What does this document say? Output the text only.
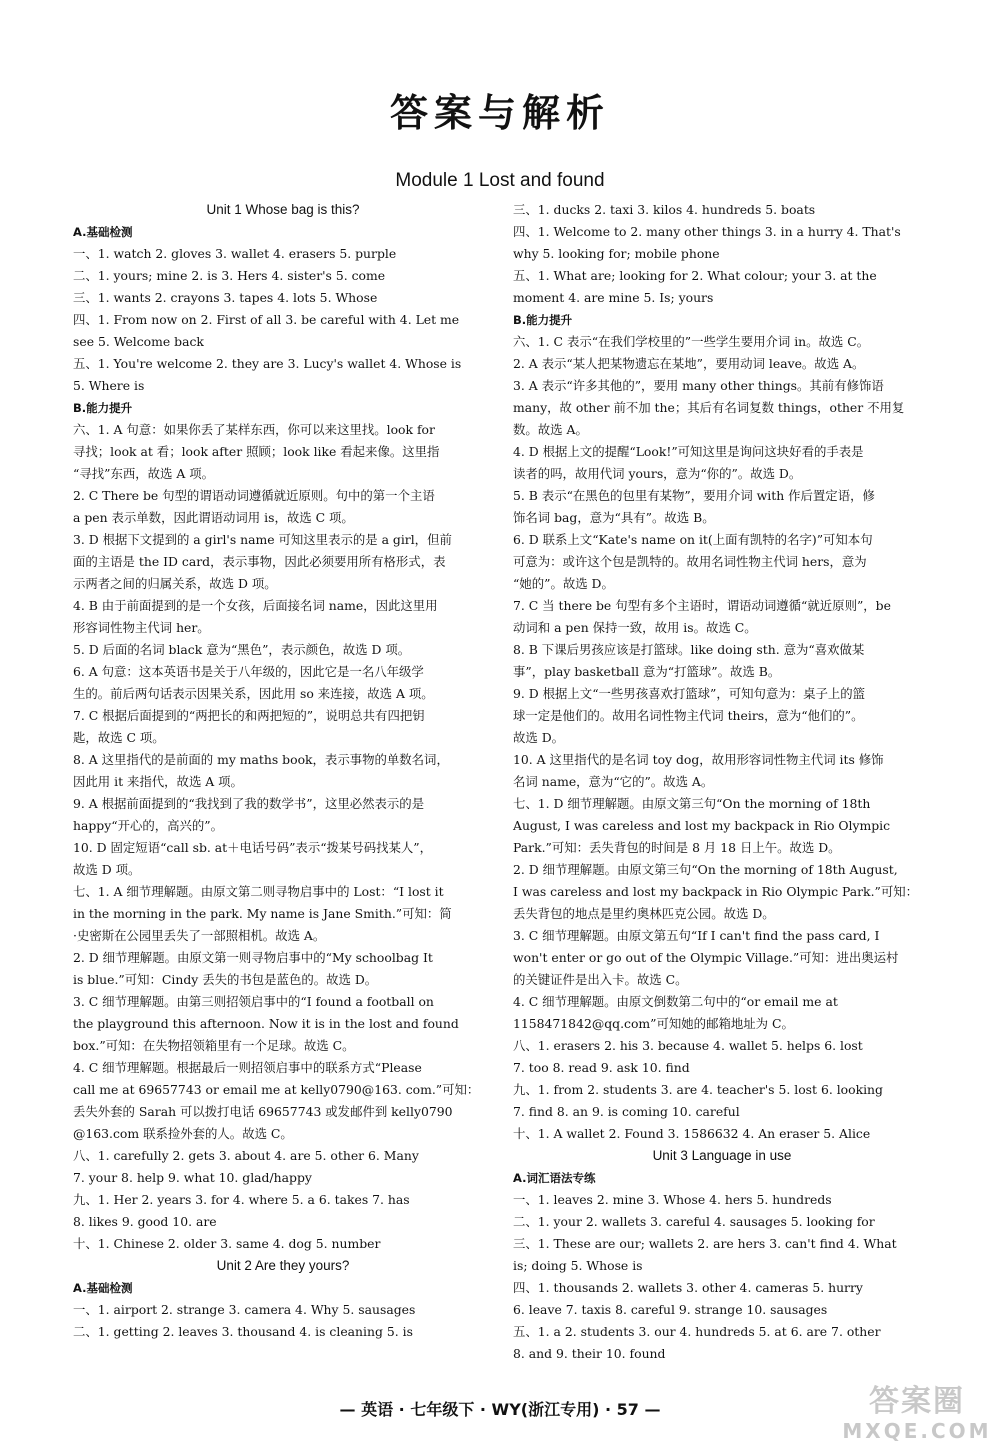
答案与解析
Module 1 Lost and found
Unit 1 Whose bag is this?
A.基础检测
一、1. watch 2. gloves 3. wallet 4. erasers 5. purple
二、1. yours; mine 2. is 3. Hers 4. sister's 5. come
三、1. wants 2. crayons 3. tapes 4. lots 5. Whose
四、1. From now on 2. First of all 3. be careful with 4. Let me
see 5. Welcome back
五、1. You're welcome 2. they are 3. Lucy's wallet 4. Whose is
5. Where is
B.能力提升
六、1. A 句意：如果你丢了某样东西，你可以来这里找。look for
寻找；look at 看；look after 照顾；look like 看起来像。这里指
“寻找”东西，故选 A 项。
2. C There be 句型的谓语动词遵循就近原则。句中的第一个主语
a pen 表示单数，因此谓语动词用 is，故选 C 项。
3. D 根据下文提到的 a girl's name 可知这里表示的是 a girl，但前
面的主语是 the ID card，表示事物，因此必须要用所有格形式，表
示两者之间的归属关系，故选 D 项。
4. B 由于前面提到的是一个女孩，后面接名词 name，因此这里用
形容词性物主代词 her。
5. D 后面的名词 black 意为“黑色”，表示颜色，故选 D 项。
6. A 句意：这本英语书是关于八年级的，因此它是一名八年级学
生的。前后两句话表示因果关系，因此用 so 来连接，故选 A 项。
7. C 根据后面提到的“两把长的和两把短的”，说明总共有四把钥
匙，故选 C 项。
8. A 这里指代的是前面的 my maths book，表示事物的单数名词，
因此用 it 来指代，故选 A 项。
9. A 根据前面提到的“我找到了我的数学书”，这里必然表示的是
happy“开心的，高兴的”。
10. D 固定短语“call sb. at＋电话号码”表示“拨某号码找某人”，
故选 D 项。
七、1. A 细节理解题。由原文第二则寻物启事中的 Lost：“I lost it
in the morning in the park. My name is Jane Smith.”可知：简
·史密斯在公园里丢失了一部照相机。故选 A。
2. D 细节理解题。由原文第一则寻物启事中的“My schoolbag It
is blue.”可知：Cindy 丢失的书包是蓝色的。故选 D。
3. C 细节理解题。由第三则招领启事中的“I found a football on
the playground this afternoon. Now it is in the lost and found
box.”可知：在失物招领箱里有一个足球。故选 C。
4. C 细节理解题。根据最后一则招领启事中的联系方式“Please
call me at 69657743 or email me at kelly0790@163. com.”可知：
丢失外套的 Sarah 可以拨打电话 69657743 或发邮件到 kelly0790
@163.com 联系捡外套的人。故选 C。
八、1. carefully 2. gets 3. about 4. are 5. other 6. Many
7. your 8. help 9. what 10. glad/happy
九、1. Her 2. years 3. for 4. where 5. a 6. takes 7. has
8. likes 9. good 10. are
十、1. Chinese 2. older 3. same 4. dog 5. number
Unit 2 Are they yours?
A.基础检测
一、1. airport 2. strange 3. camera 4. Why 5. sausages
二、1. getting 2. leaves 3. thousand 4. is cleaning 5. is
三、1. ducks 2. taxi 3. kilos 4. hundreds 5. boats
四、1. Welcome to 2. many other things 3. in a hurry 4. That's
why 5. looking for; mobile phone
五、1. What are; looking for 2. What colour; your 3. at the
moment 4. are mine 5. Is; yours
B.能力提升
六、1. C 表示“在我们学校里的”一些学生要用介词 in。故选 C。
2. A 表示“某人把某物遗忘在某地”，要用动词 leave。故选 A。
3. A 表示“许多其他的”，要用 many other things。其前有修饰语
many，故 other 前不加 the；其后有名词复数 things，other 不用复
数。故选 A。
4. D 根据上文的提醒“Look!”可知这里是询问这块好看的手表是
读者的吗，故用代词 yours，意为“你的”。故选 D。
5. B 表示“在黑色的包里有某物”，要用介词 with 作后置定语，修
饰名词 bag，意为“具有”。故选 B。
6. D 联系上文“Kate's name on it(上面有凯特的名字)”可知本句
可意为：或许这个包是凯特的。故用名词性物主代词 hers，意为
“她的”。故选 D。
7. C 当 there be 句型有多个主语时，谓语动词遵循“就近原则”，be
动词和 a pen 保持一致，故用 is。故选 C。
8. B 下课后男孩应该是打篮球。like doing sth. 意为“喜欢做某
事”，play basketball 意为“打篮球”。故选 B。
9. D 根据上文“一些男孩喜欢打篮球”，可知句意为：桌子上的篮
球一定是他们的。故用名词性物主代词 theirs，意为“他们的”。
故选 D。
10. A 这里指代的是名词 toy dog，故用形容词性物主代词 its 修饰
名词 name，意为“它的”。故选 A。
七、1. D 细节理解题。由原文第三句“On the morning of 18th
August, I was careless and lost my backpack in Rio Olympic
Park.”可知：丢失背包的时间是 8 月 18 日上午。故选 D。
2. D 细节理解题。由原文第三句“On the morning of 18th August,
I was careless and lost my backpack in Rio Olympic Park.”可知：
丢失背包的地点是里约奥林匹克公园。故选 D。
3. C 细节理解题。由原文第五句“If I can't find the pass card, I
won't enter or go out of the Olympic Village.”可知：进出奥运村
的关键证件是出入卡。故选 C。
4. C 细节理解题。由原文倒数第二句中的“or email me at
1158471842@qq.com”可知她的邮箱地址为 C。
八、1. erasers 2. his 3. because 4. wallet 5. helps 6. lost
7. too 8. read 9. ask 10. find
九、1. from 2. students 3. are 4. teacher's 5. lost 6. looking
7. find 8. an 9. is coming 10. careful
十、1. A wallet 2. Found 3. 1586632 4. An eraser 5. Alice
Unit 3 Language in use
A.词汇语法专练
一、1. leaves 2. mine 3. Whose 4. hers 5. hundreds
二、1. your 2. wallets 3. careful 4. sausages 5. looking for
三、1. These are our; wallets 2. are hers 3. can't find 4. What
is; doing 5. Whose is
四、1. thousands 2. wallets 3. other 4. cameras 5. hurry
6. leave 7. taxis 8. careful 9. strange 10. sausages
五、1. a 2. students 3. our 4. hundreds 5. at 6. are 7. other
8. and 9. their 10. found
— 英语 · 七年级下 · WY(浙江专用) · 57 —	答案圈
MXQE.COM
